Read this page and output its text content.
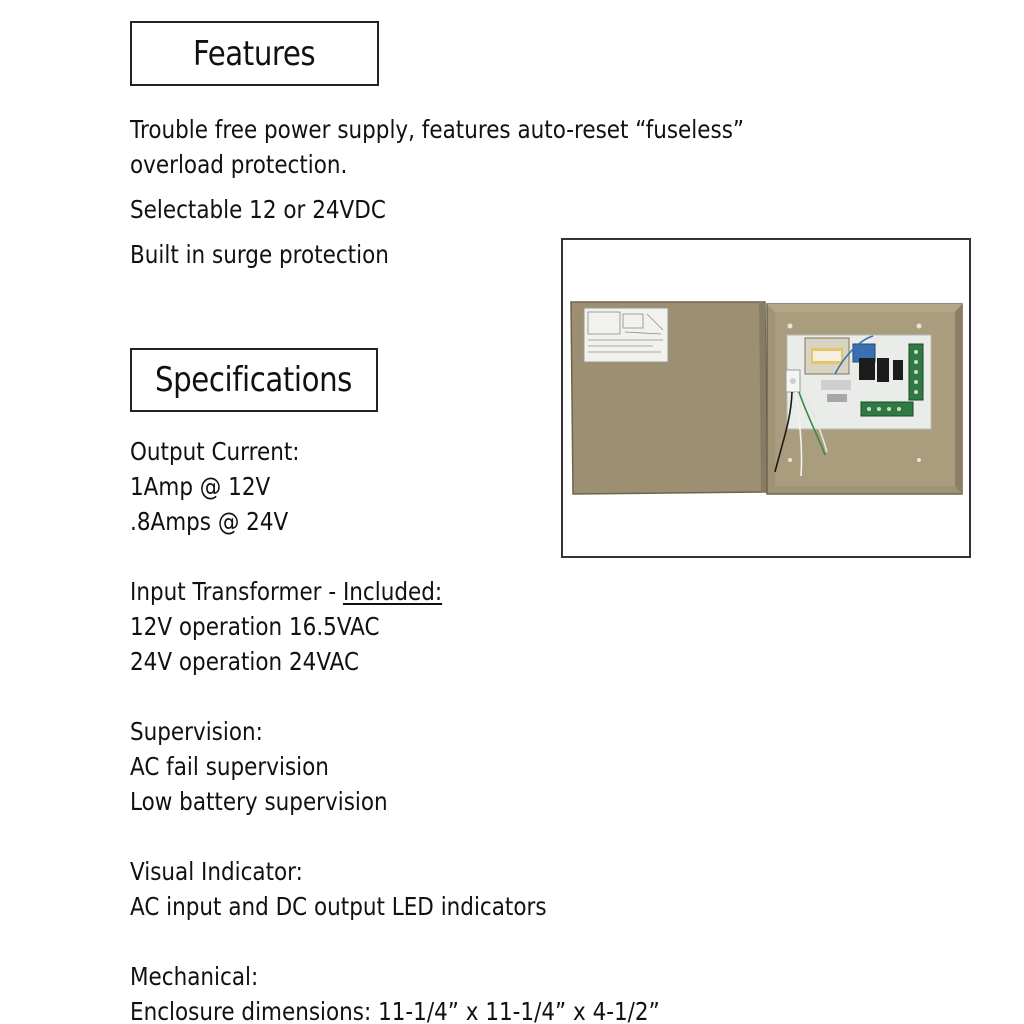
Features
Trouble free power supply, features auto-reset “fuseless”
overload protection.
Selectable 12 or 24VDC
Built in surge protection
Specifications
Output Current:
1Amp @ 12V
.8Amps @ 24V
Input Transformer - Included:
12V operation 16.5VAC
24V operation 24VAC
Supervision:
AC fail supervision
Low battery supervision
Visual Indicator:
AC input and DC output LED indicators
Mechanical:
Enclosure dimensions: 11-1/4” x 11-1/4” x 4-1/2”
